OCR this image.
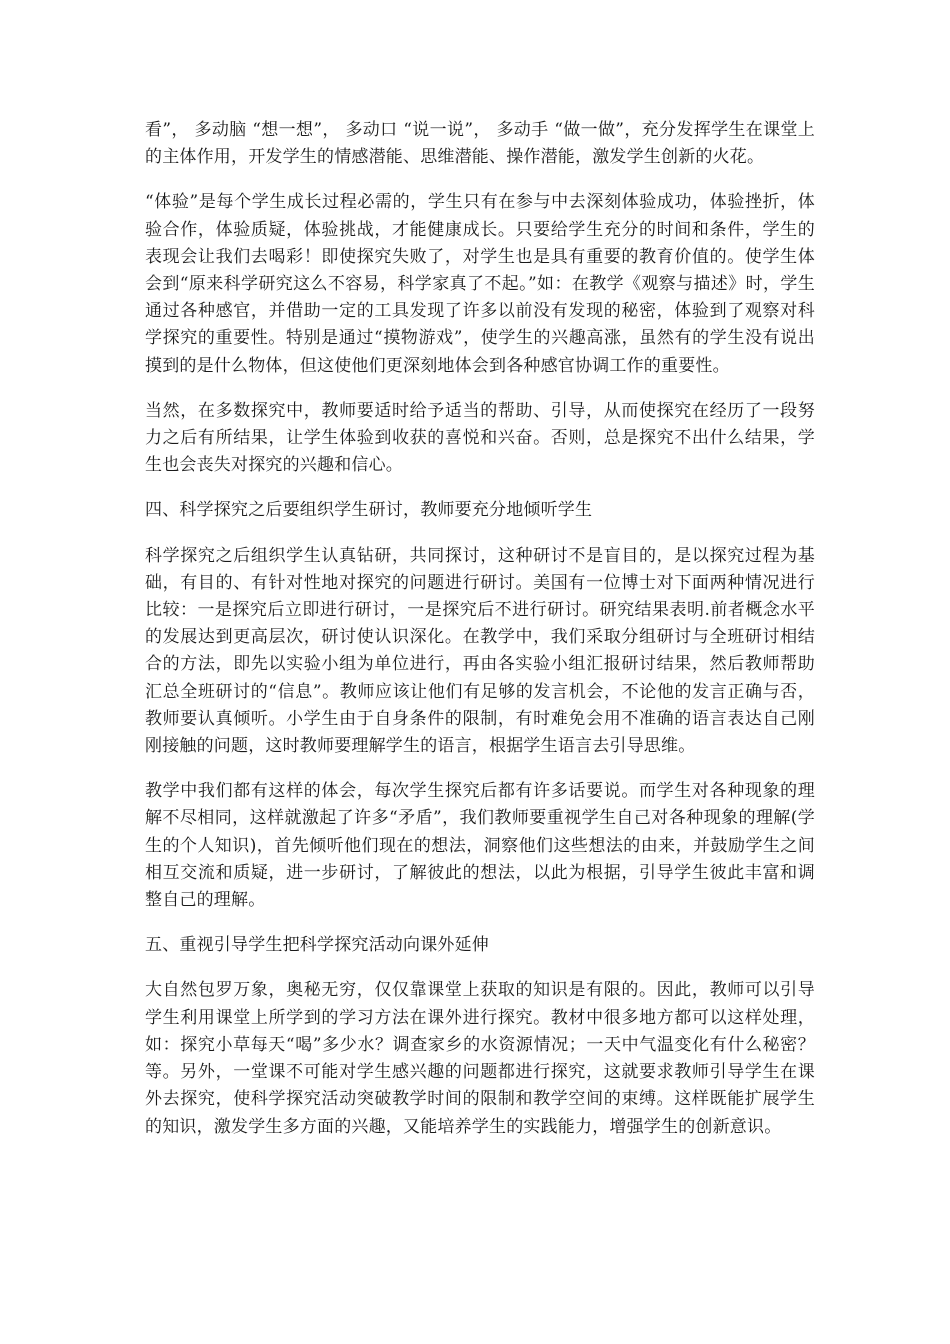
看”， 多动脑 “想一想”， 多动口 “说一说”， 多动手 “做一做”，充分发挥学生在课堂上的主体作用，开发学生的情感潜能、思维潜能、操作潜能，激发学生创新的火花。

“体验”是每个学生成长过程必需的，学生只有在参与中去深刻体验成功，体验挫折，体验合作，体验质疑，体验挑战，才能健康成长。只要给学生充分的时间和条件，学生的表现会让我们去喝彩！即使探究失败了，对学生也是具有重要的教育价值的。使学生体会到“原来科学研究这么不容易，科学家真了不起。”如：在教学《观察与描述》时，学生通过各种感官，并借助一定的工具发现了许多以前没有发现的秘密，体验到了观察对科学探究的重要性。特别是通过“摸物游戏”，使学生的兴趣高涨，虽然有的学生没有说出摸到的是什么物体，但这使他们更深刻地体会到各种感官协调工作的重要性。

当然，在多数探究中，教师要适时给予适当的帮助、引导，从而使探究在经历了一段努力之后有所结果，让学生体验到收获的喜悦和兴奋。否则，总是探究不出什么结果，学生也会丧失对探究的兴趣和信心。

四、科学探究之后要组织学生研讨，教师要充分地倾听学生

科学探究之后组织学生认真钻研，共同探讨，这种研讨不是盲目的，是以探究过程为基础，有目的、有针对性地对探究的问题进行研讨。美国有一位博士对下面两种情况进行比较：一是探究后立即进行研讨，一是探究后不进行研讨。研究结果表明.前者概念水平的发展达到更高层次，研讨使认识深化。在教学中，我们采取分组研讨与全班研讨相结合的方法，即先以实验小组为单位进行，再由各实验小组汇报研讨结果，然后教师帮助汇总全班研讨的“信息”。教师应该让他们有足够的发言机会，不论他的发言正确与否，教师要认真倾听。小学生由于自身条件的限制，有时难免会用不准确的语言表达自己刚刚接触的问题，这时教师要理解学生的语言，根据学生语言去引导思维。

教学中我们都有这样的体会，每次学生探究后都有许多话要说。而学生对各种现象的理解不尽相同，这样就激起了许多“矛盾”，我们教师要重视学生自己对各种现象的理解(学生的个人知识)，首先倾听他们现在的想法，洞察他们这些想法的由来，并鼓励学生之间相互交流和质疑，进一步研讨，了解彼此的想法，以此为根据，引导学生彼此丰富和调整自己的理解。

五、重视引导学生把科学探究活动向课外延伸

大自然包罗万象，奥秘无穷，仅仅靠课堂上获取的知识是有限的。因此，教师可以引导学生利用课堂上所学到的学习方法在课外进行探究。教材中很多地方都可以这样处理，如：探究小草每天“喝”多少水？调查家乡的水资源情况；一天中气温变化有什么秘密？等。另外，一堂课不可能对学生感兴趣的问题都进行探究，这就要求教师引导学生在课外去探究，使科学探究活动突破教学时间的限制和教学空间的束缚。这样既能扩展学生的知识，激发学生多方面的兴趣，又能培养学生的实践能力，增强学生的创新意识。
